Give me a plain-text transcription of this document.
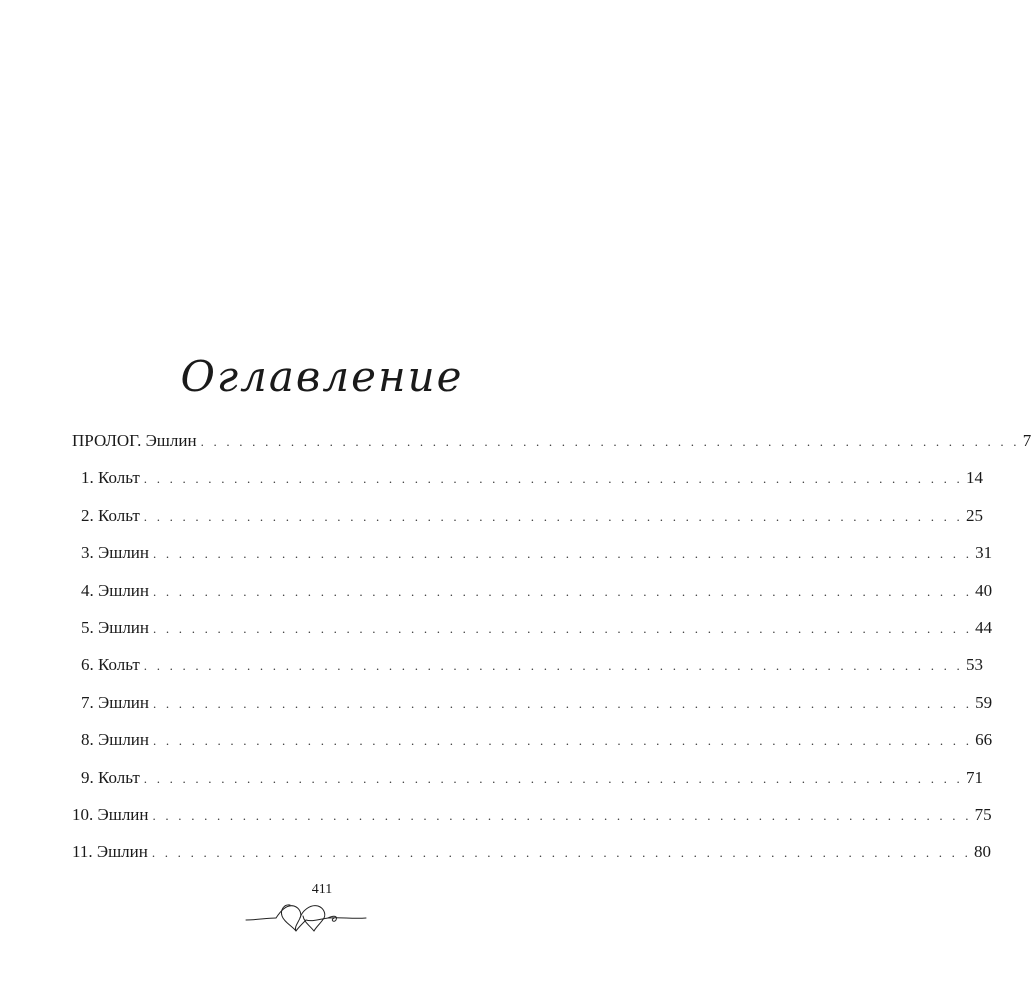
Оглавление
ПРОЛОГ. Эшлин . . . . . . . . . . . . . . . . . . . . . . . . . . . . . . . . . . . . . . . . . . . . . . . . . . . . . . . . . . . . . . . . 7
1. Кольт . . . . . . . . . . . . . . . . . . . . . . . . . . . . . . . . . . . . . . . . . . . . . . . . . . . . . . . . . . . . . . . . 14
2. Кольт . . . . . . . . . . . . . . . . . . . . . . . . . . . . . . . . . . . . . . . . . . . . . . . . . . . . . . . . . . . . . . . . 25
3. Эшлин . . . . . . . . . . . . . . . . . . . . . . . . . . . . . . . . . . . . . . . . . . . . . . . . . . . . . . . . . . . . . . . . 31
4. Эшлин . . . . . . . . . . . . . . . . . . . . . . . . . . . . . . . . . . . . . . . . . . . . . . . . . . . . . . . . . . . . . . . . 40
5. Эшлин . . . . . . . . . . . . . . . . . . . . . . . . . . . . . . . . . . . . . . . . . . . . . . . . . . . . . . . . . . . . . . . . 44
6. Кольт . . . . . . . . . . . . . . . . . . . . . . . . . . . . . . . . . . . . . . . . . . . . . . . . . . . . . . . . . . . . . . . . 53
7. Эшлин . . . . . . . . . . . . . . . . . . . . . . . . . . . . . . . . . . . . . . . . . . . . . . . . . . . . . . . . . . . . . . . . 59
8. Эшлин . . . . . . . . . . . . . . . . . . . . . . . . . . . . . . . . . . . . . . . . . . . . . . . . . . . . . . . . . . . . . . . . 66
9. Кольт . . . . . . . . . . . . . . . . . . . . . . . . . . . . . . . . . . . . . . . . . . . . . . . . . . . . . . . . . . . . . . . . 71
10. Эшлин . . . . . . . . . . . . . . . . . . . . . . . . . . . . . . . . . . . . . . . . . . . . . . . . . . . . . . . . . . . . . . . . 75
11. Эшлин . . . . . . . . . . . . . . . . . . . . . . . . . . . . . . . . . . . . . . . . . . . . . . . . . . . . . . . . . . . . . . . . 80
411
